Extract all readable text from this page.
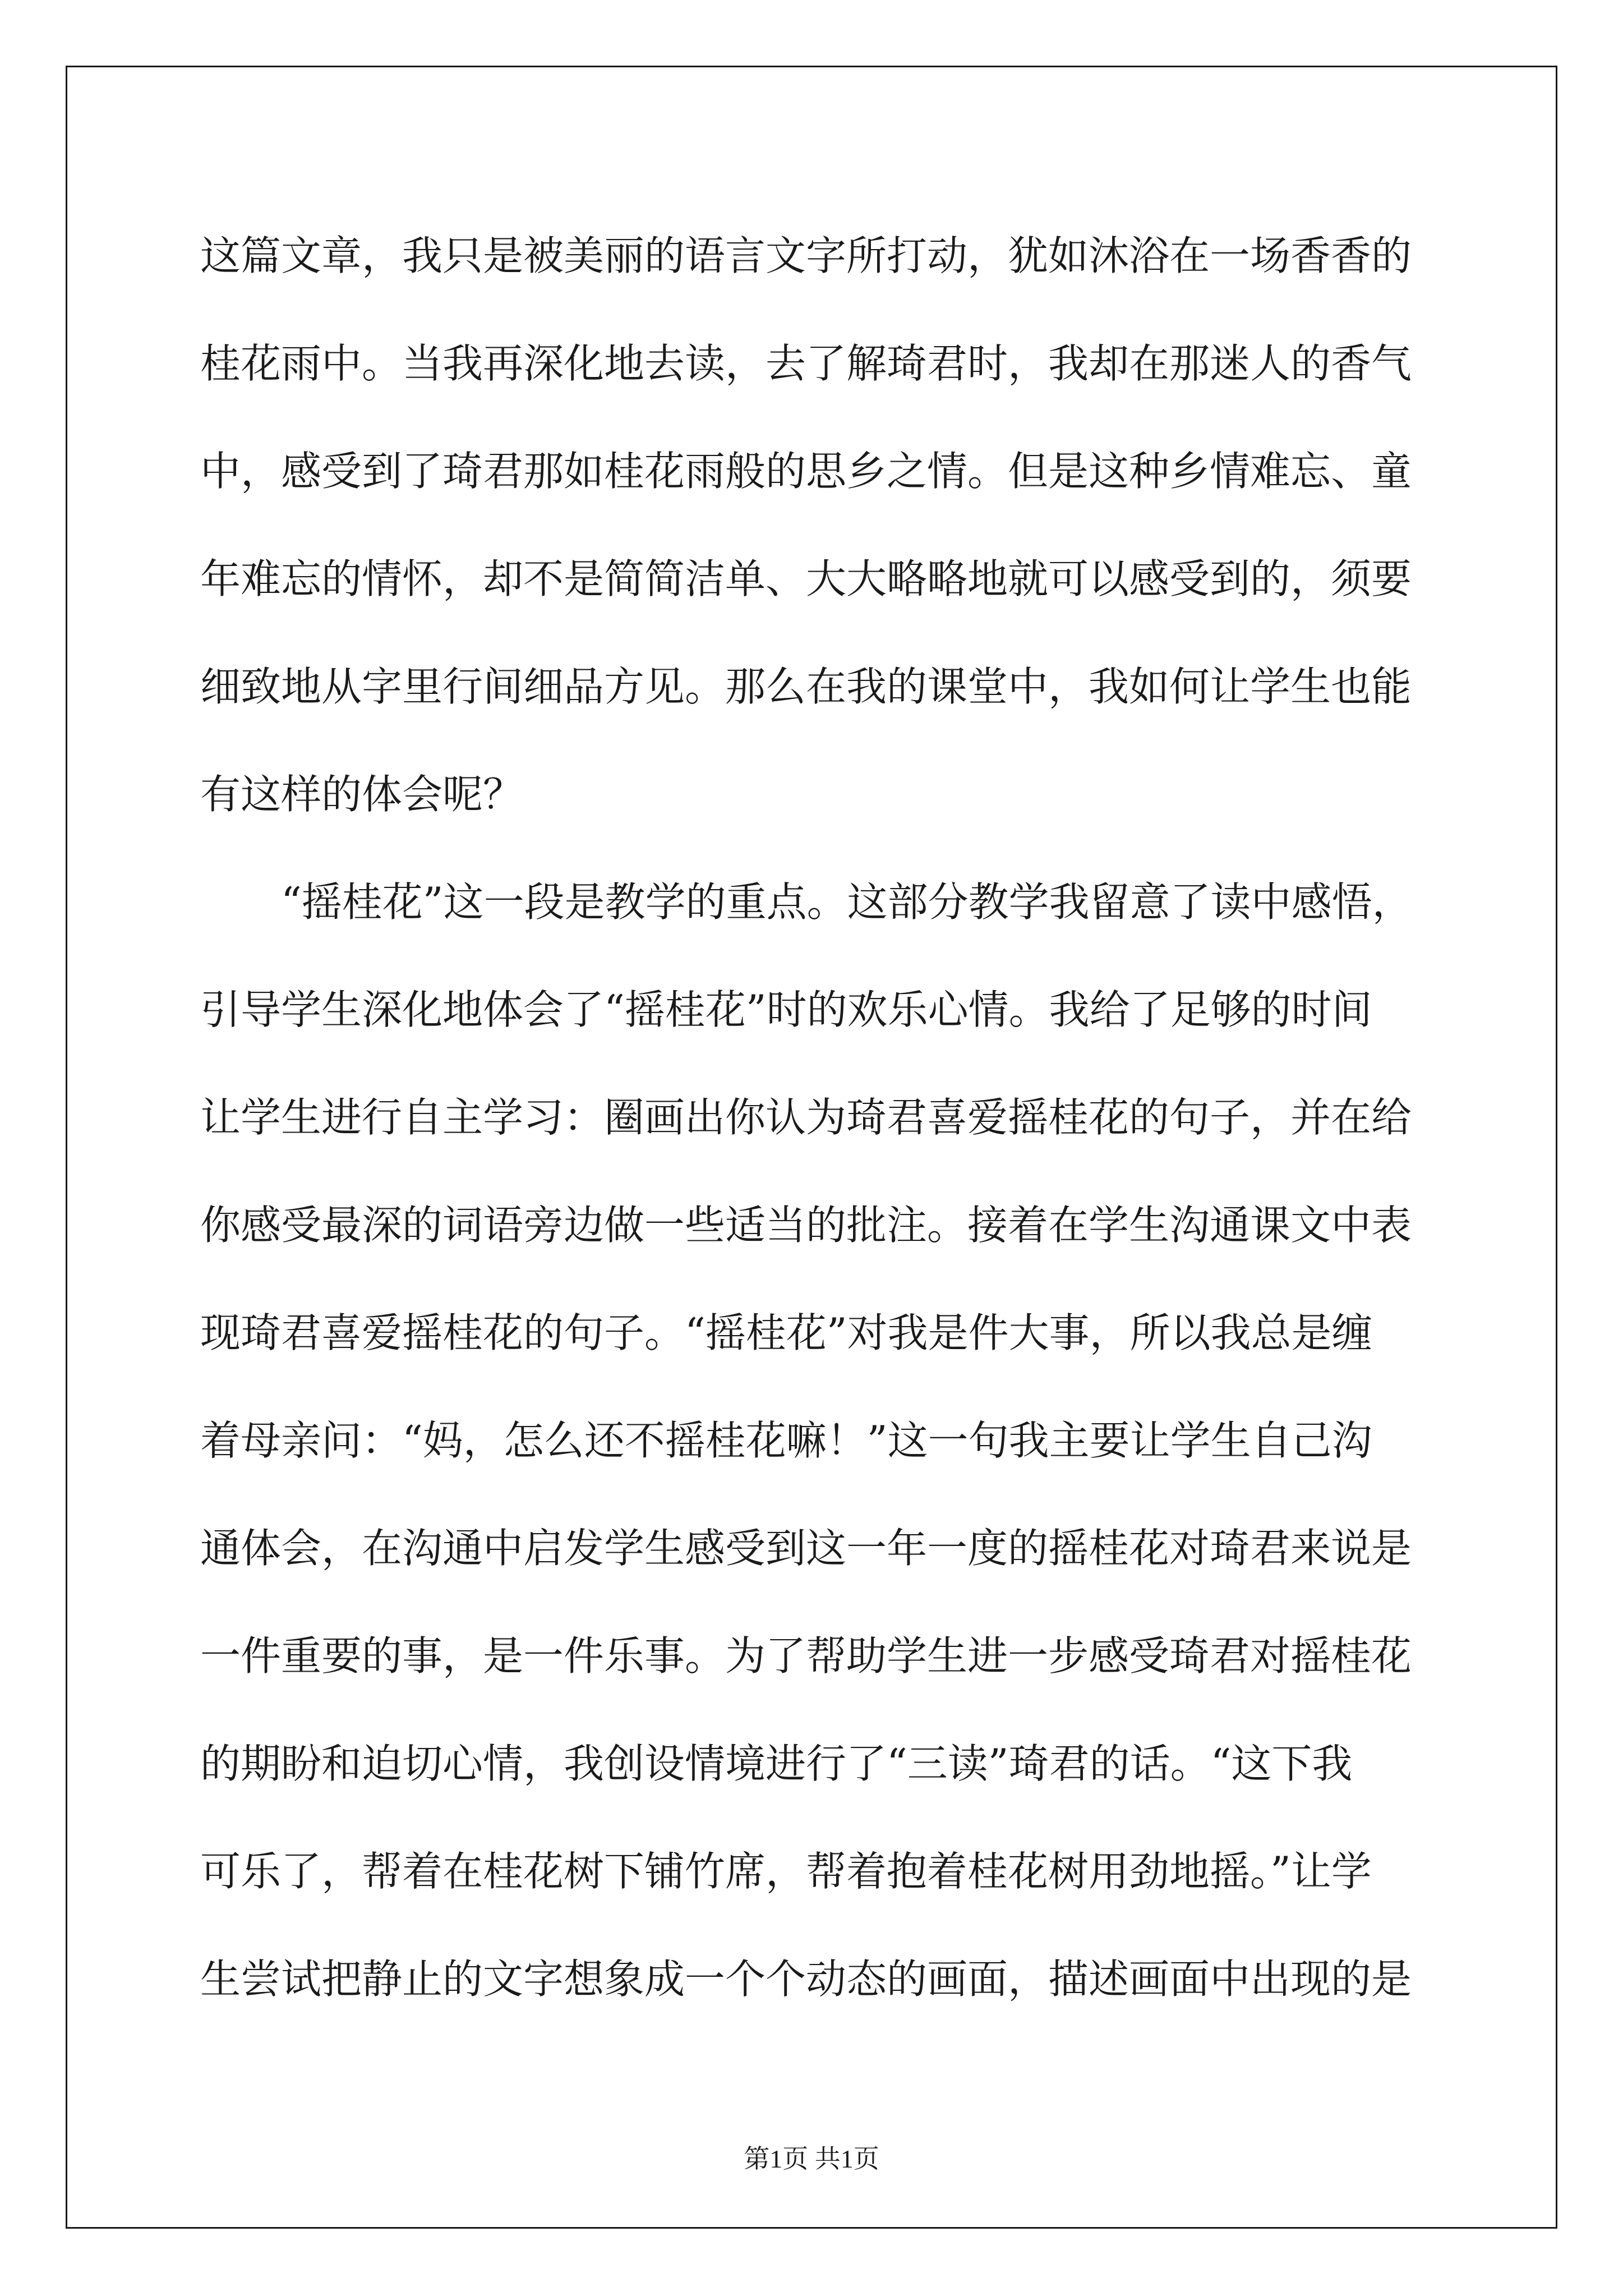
这篇文章，我只是被美丽的语言文字所打动，犹如沐浴在一场香香的
桂花雨中。当我再深化地去读，去了解琦君时，我却在那迷人的香气
中，感受到了琦君那如桂花雨般的思乡之情。但是这种乡情难忘、童
年难忘的情怀，却不是简简洁单、大大略略地就可以感受到的，须要
细致地从字里行间细品方见。那么在我的课堂中，我如何让学生也能
有这样的体会呢？
“摇桂花”这一段是教学的重点。这部分教学我留意了读中感悟，
引导学生深化地体会了“摇桂花”时的欢乐心情。我给了足够的时间
让学生进行自主学习：圈画出你认为琦君喜爱摇桂花的句子，并在给
你感受最深的词语旁边做一些适当的批注。接着在学生沟通课文中表
现琦君喜爱摇桂花的句子。“摇桂花”对我是件大事，所以我总是缠
着母亲问：“妈，怎么还不摇桂花嘛！”这一句我主要让学生自己沟
通体会，在沟通中启发学生感受到这一年一度的摇桂花对琦君来说是
一件重要的事，是一件乐事。为了帮助学生进一步感受琦君对摇桂花
的期盼和迫切心情，我创设情境进行了“三读”琦君的话。“这下我
可乐了，帮着在桂花树下铺竹席，帮着抱着桂花树用劲地摇。”让学
生尝试把静止的文字想象成一个个动态的画面，描述画面中出现的是
第1页 共1页
